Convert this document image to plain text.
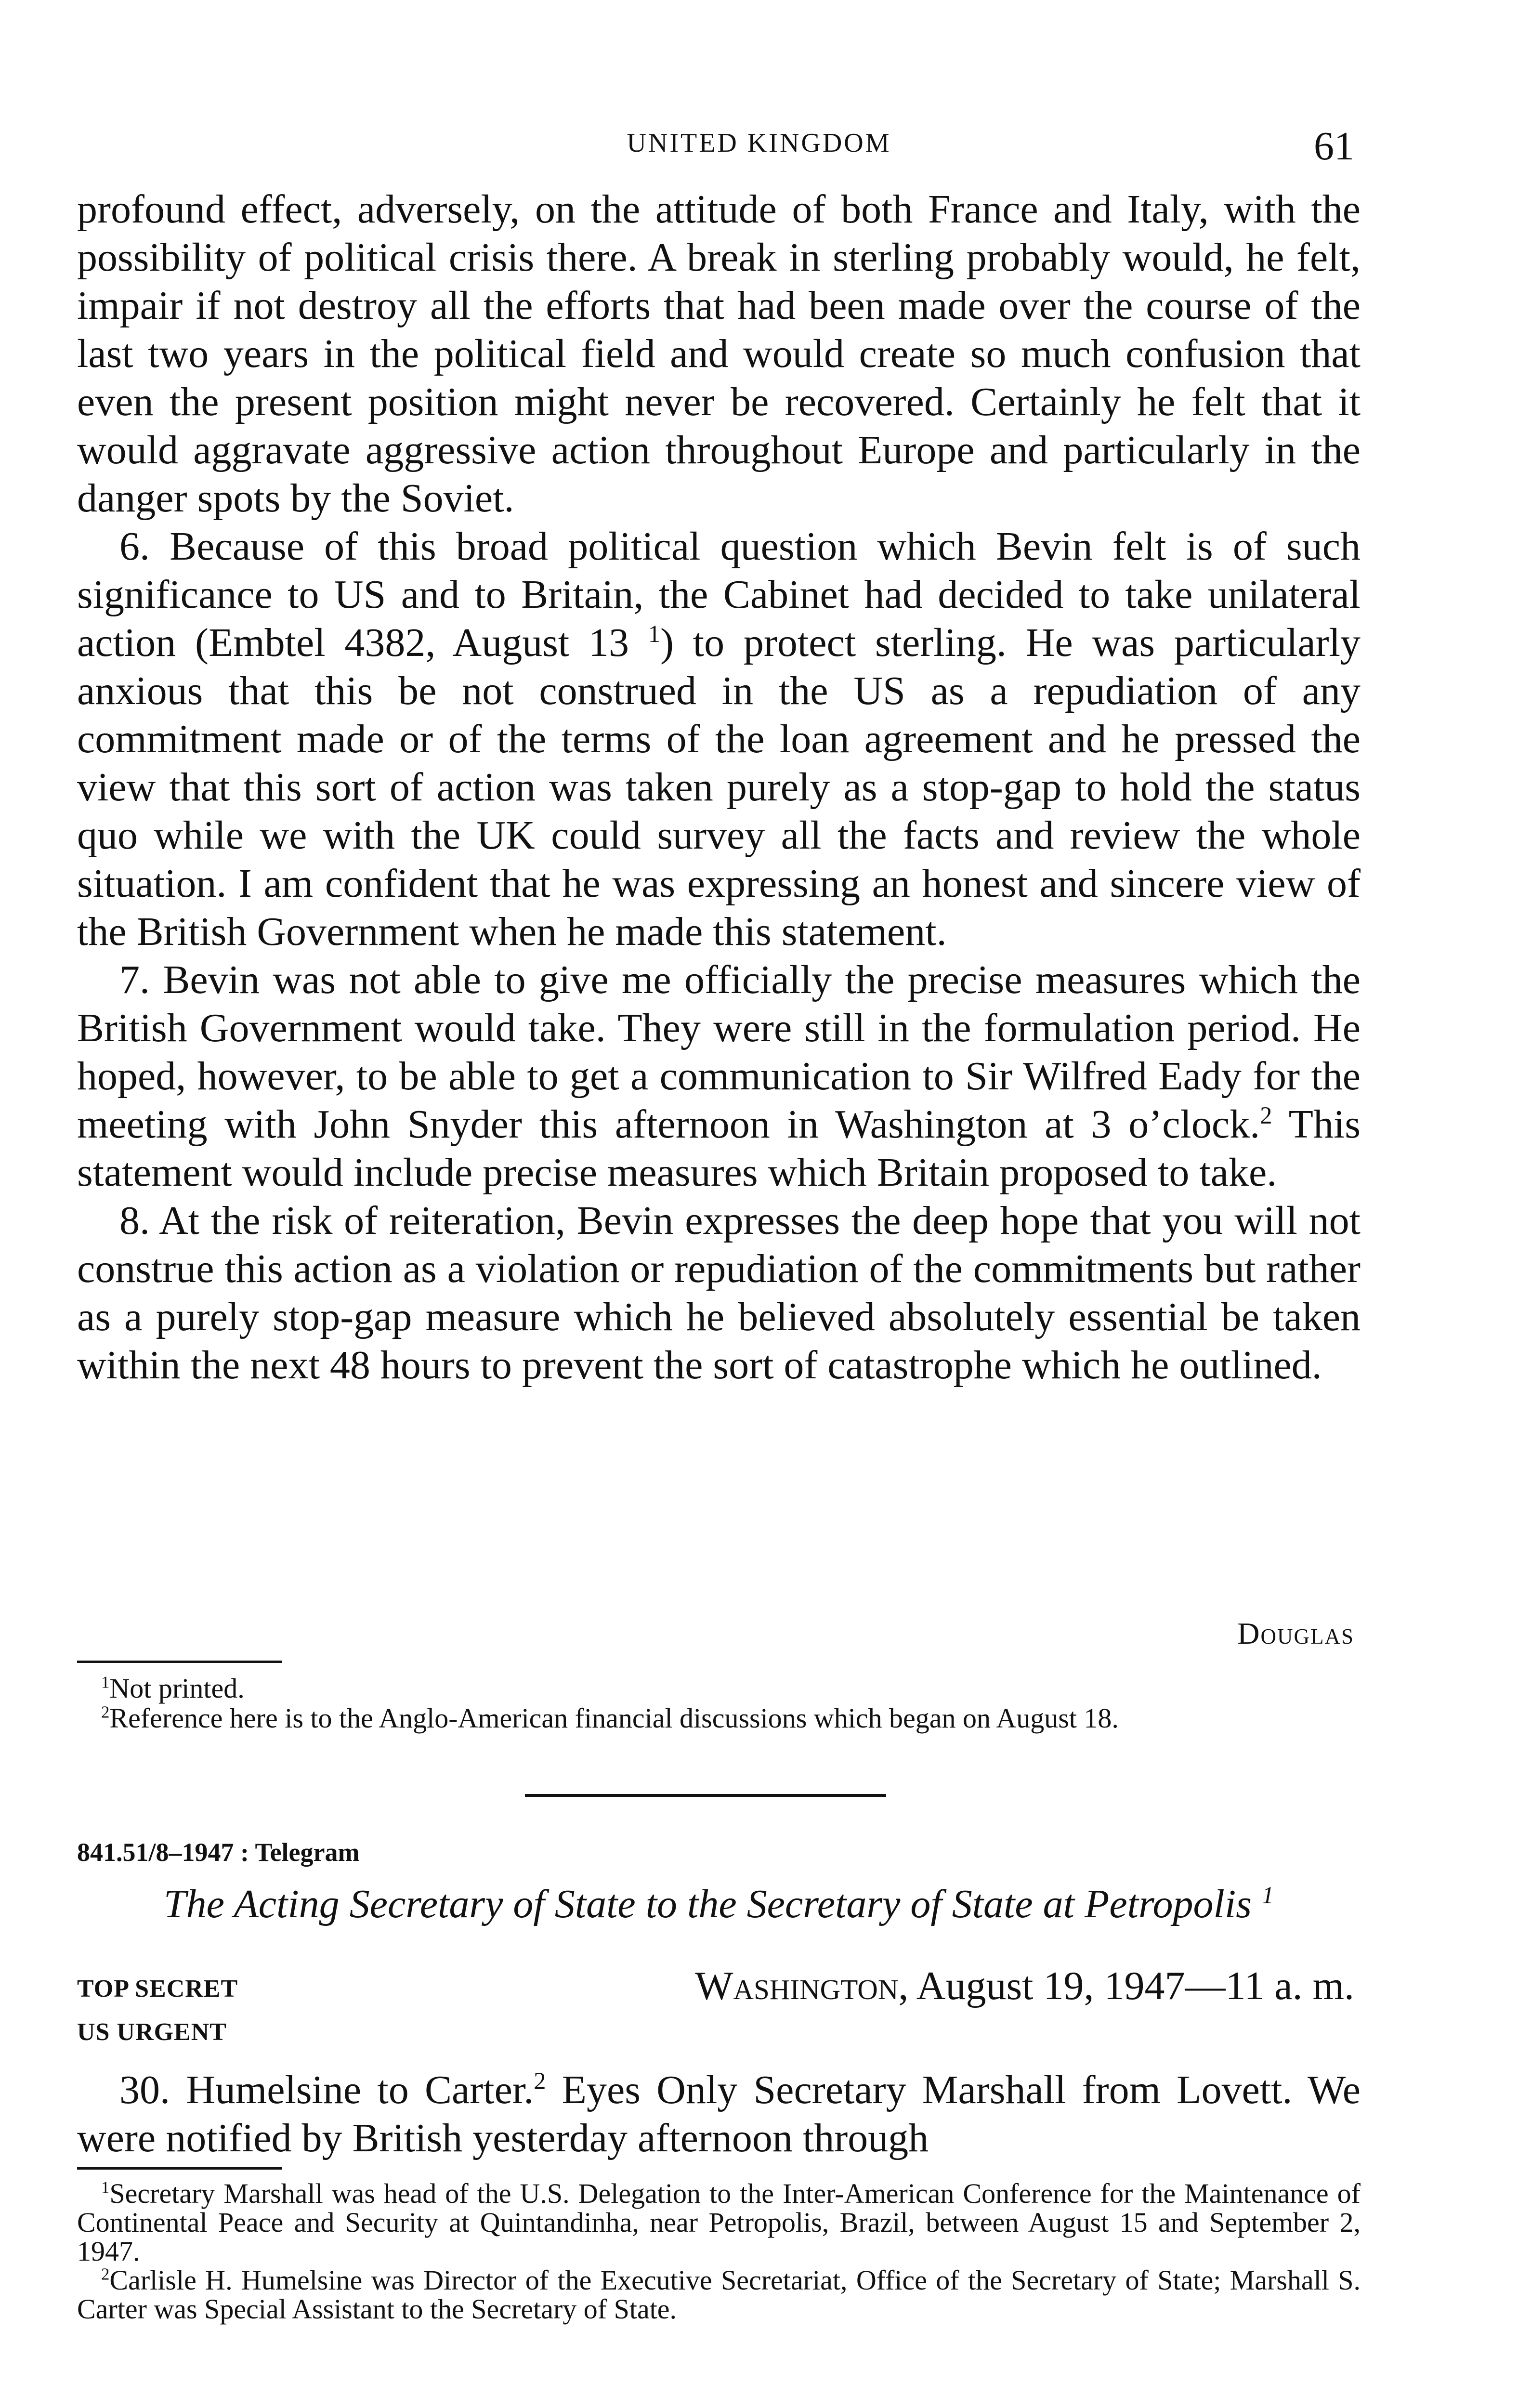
UNITED KINGDOM	61

profound effect, adversely, on the attitude of both France and Italy, with the possibility of political crisis there. A break in sterling probably would, he felt, impair if not destroy all the efforts that had been made over the course of the last two years in the political field and would create so much confusion that even the present position might never be recovered. Certainly he felt that it would aggravate aggressive action throughout Europe and particularly in the danger spots by the Soviet.

6. Because of this broad political question which Bevin felt is of such significance to US and to Britain, the Cabinet had decided to take unilateral action (Embtel 4382, August 13 $^1$) to protect sterling. He was particularly anxious that this be not construed in the US as a repudiation of any commitment made or of the terms of the loan agreement and he pressed the view that this sort of action was taken purely as a stop-gap to hold the status quo while we with the UK could survey all the facts and review the whole situation. I am confident that he was expressing an honest and sincere view of the British Government when he made this statement.

7. Bevin was not able to give me officially the precise measures which the British Government would take. They were still in the formulation period. He hoped, however, to be able to get a communication to Sir Wilfred Eady for the meeting with John Snyder this afternoon in Washington at 3 o’clock.$^2$ This statement would include precise measures which Britain proposed to take.

8. At the risk of reiteration, Bevin expresses the deep hope that you will not construe this action as a violation or repudiation of the commitments but rather as a purely stop-gap measure which he believed absolutely essential be taken within the next 48 hours to prevent the sort of catastrophe which he outlined.

Douglas

$^1$Not printed.

$^2$Reference here is to the Anglo-American financial discussions which began on August 18.

841.51/8–1947 : Telegram
The Acting Secretary of State to the Secretary of State at Petropolis $^1$
TOP SECRET
US URGENT
Washington, August 19, 1947—11 a. m.

30. Humelsine to Carter.$^2$ Eyes Only Secretary Marshall from Lovett. We were notified by British yesterday afternoon through

$^1$Secretary Marshall was head of the U.S. Delegation to the Inter-American Conference for the Maintenance of Continental Peace and Security at Quintandinha, near Petropolis, Brazil, between August 15 and September 2, 1947.

$^2$Carlisle H. Humelsine was Director of the Executive Secretariat, Office of the Secretary of State; Marshall S. Carter was Special Assistant to the Secretary of State.
